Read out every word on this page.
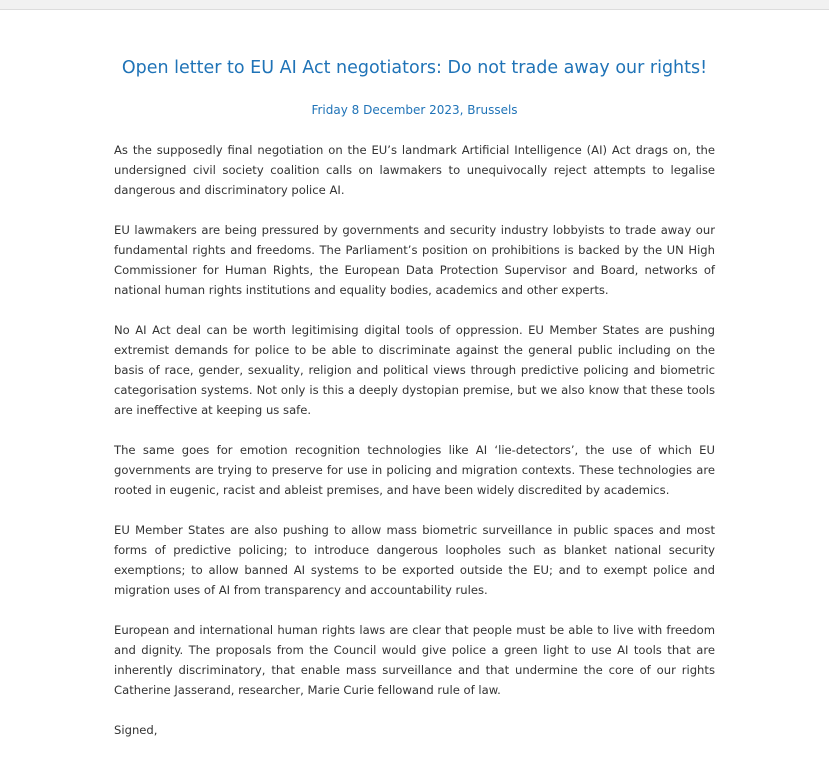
Open letter to EU AI Act negotiators: Do not trade away our rights!

Friday 8 December 2023, Brussels

As the supposedly final negotiation on the EU’s landmark Artificial Intelligence (AI) Act drags on, the undersigned civil society coalition calls on lawmakers to unequivocally reject attempts to legalise dangerous and discriminatory police AI.

EU lawmakers are being pressured by governments and security industry lobbyists to trade away our fundamental rights and freedoms. The Parliament’s position on prohibitions is backed by the UN High Commissioner for Human Rights, the European Data Protection Supervisor and Board, networks of national human rights institutions and equality bodies, academics and other experts.

No AI Act deal can be worth legitimising digital tools of oppression. EU Member States are pushing extremist demands for police to be able to discriminate against the general public including on the basis of race, gender, sexuality, religion and political views through predictive policing and biometric categorisation systems. Not only is this a deeply dystopian premise, but we also know that these tools are ineffective at keeping us safe.

The same goes for emotion recognition technologies like AI ‘lie-detectors’, the use of which EU governments are trying to preserve for use in policing and migration contexts. These technologies are rooted in eugenic, racist and ableist premises, and have been widely discredited by academics.

EU Member States are also pushing to allow mass biometric surveillance in public spaces and most forms of predictive policing; to introduce dangerous loopholes such as blanket national security exemptions; to allow banned AI systems to be exported outside the EU; and to exempt police and migration uses of AI from transparency and accountability rules.

European and international human rights laws are clear that people must be able to live with freedom and dignity. The proposals from the Council would give police a green light to use AI tools that are inherently discriminatory, that enable mass surveillance and that undermine the core of our rights Catherine Jasserand, researcher, Marie Curie fellowand rule of law.

Signed,
